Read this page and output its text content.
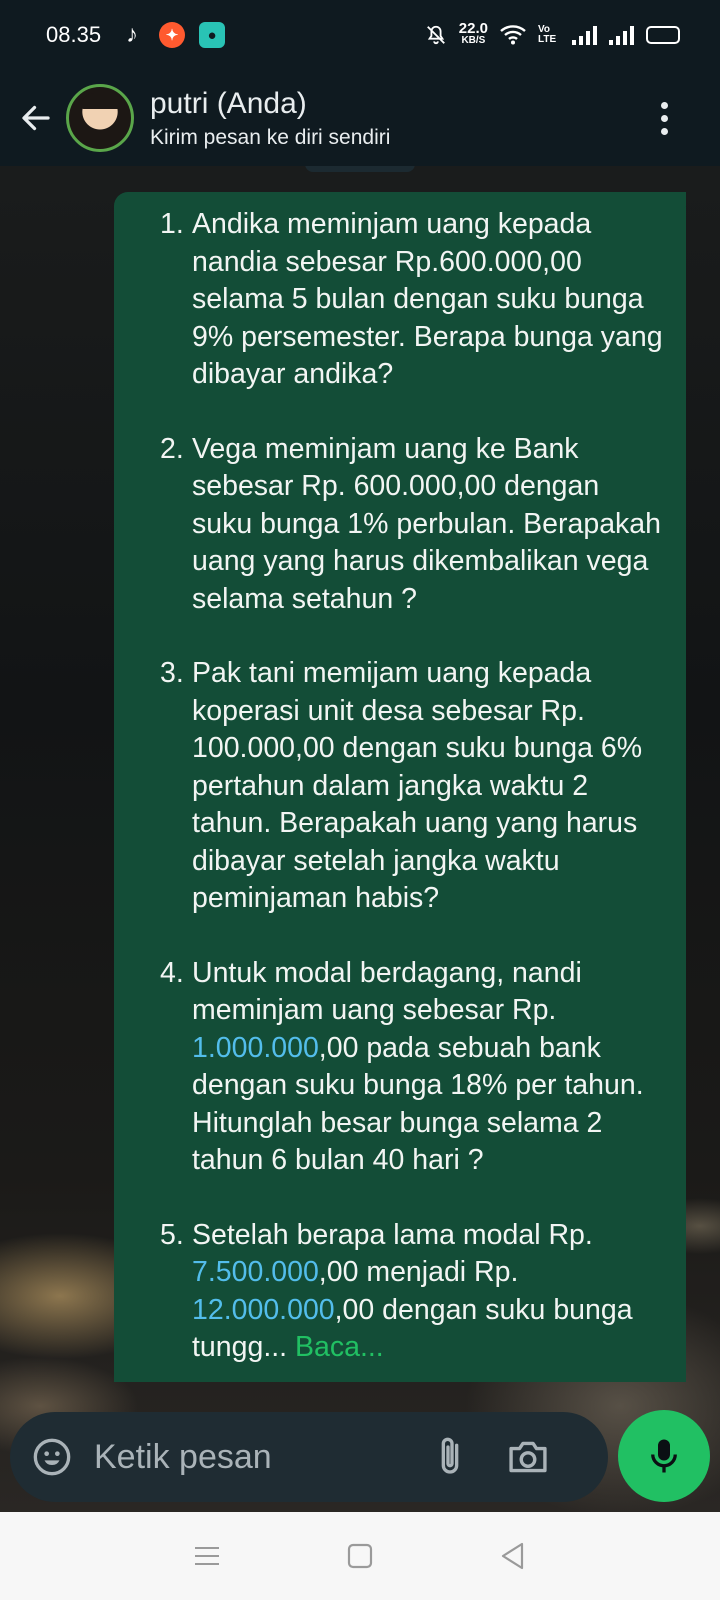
08.35 ♪	✦	●	22.0
KB/S
Vo LTE
putri (Anda)
Kirim pesan ke diri sendiri
1. Andika meminjam uang kepada nandia sebesar Rp.600.000,00 selama 5 bulan dengan suku bunga 9% persemester. Berapa bunga yang dibayar andika?
2. Vega meminjam uang ke Bank sebesar Rp. 600.000,00 dengan suku bunga 1% perbulan. Berapakah uang yang harus dikembalikan vega selama setahun ?
3. Pak tani memijam uang kepada koperasi unit desa sebesar Rp. 100.000,00 dengan suku bunga 6% pertahun dalam jangka waktu 2 tahun. Berapakah uang yang harus dibayar setelah jangka waktu peminjaman habis?
4. Untuk modal berdagang, nandi meminjam uang sebesar Rp. 1.000.000,00 pada sebuah bank dengan suku bunga 18% per tahun. Hitunglah besar bunga selama 2 tahun 6 bulan 40 hari ?
5. Setelah berapa lama modal Rp. 7.500.000,00 menjadi Rp. 12.000.000,00 dengan suku bunga tungg... Baca...
Ketik pesan
